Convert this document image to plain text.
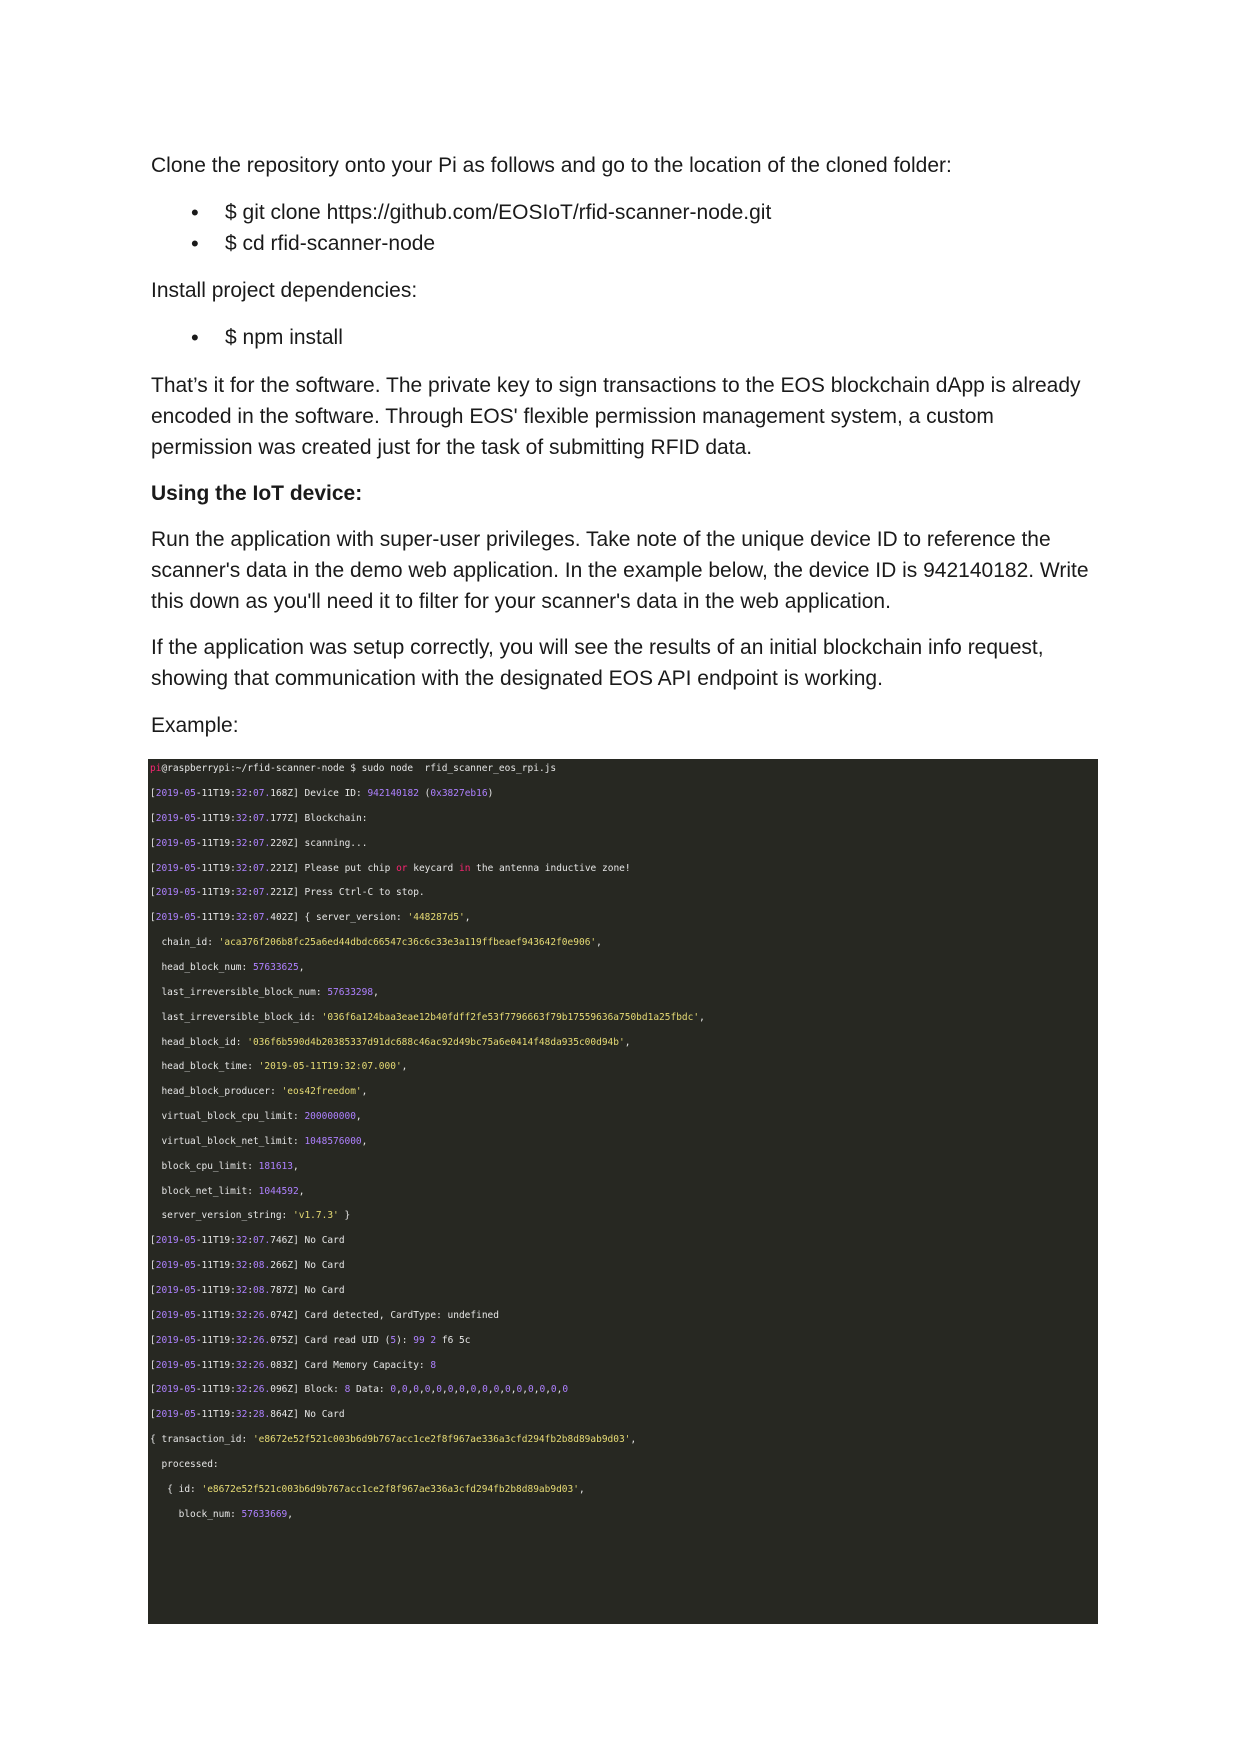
Clone the repository onto your Pi as follows and go to the location of the cloned folder:

• $ git clone https://github.com/EOSIoT/rfid-scanner-node.git
• $ cd rfid-scanner-node

Install project dependencies:

• $ npm install

That’s it for the software. The private key to sign transactions to the EOS blockchain dApp is already encoded in the software. Through EOS' flexible permission management system, a custom permission was created just for the task of submitting RFID data.

Using the IoT device:

Run the application with super-user privileges. Take note of the unique device ID to reference the scanner's data in the demo web application. In the example below, the device ID is 942140182. Write this down as you'll need it to filter for your scanner's data in the web application.

If the application was setup correctly, you will see the results of an initial blockchain info request, showing that communication with the designated EOS API endpoint is working.

Example:

pi@raspberrypi:~/rfid-scanner-node $ sudo node  rfid_scanner_eos_rpi.js
[2019-05-11T19:32:07.168Z] Device ID: 942140182 (0x3827eb16)
[2019-05-11T19:32:07.177Z] Blockchain:
[2019-05-11T19:32:07.220Z] scanning...
[2019-05-11T19:32:07.221Z] Please put chip or keycard in the antenna inductive zone!
[2019-05-11T19:32:07.221Z] Press Ctrl-C to stop.
[2019-05-11T19:32:07.402Z] { server_version: '448287d5',
chain_id: 'aca376f206b8fc25a6ed44dbdc66547c36c6c33e3a119ffbeaef943642f0e906',
head_block_num: 57633625,
last_irreversible_block_num: 57633298,
last_irreversible_block_id: '036f6a124baa3eae12b40fdff2fe53f7796663f79b17559636a750bd1a25fbdc',
head_block_id: '036f6b590d4b20385337d91dc688c46ac92d49bc75a6e0414f48da935c00d94b',
head_block_time: '2019-05-11T19:32:07.000',
head_block_producer: 'eos42freedom',
virtual_block_cpu_limit: 200000000,
virtual_block_net_limit: 1048576000,
block_cpu_limit: 181613,
block_net_limit: 1044592,
server_version_string: 'v1.7.3' }
[2019-05-11T19:32:07.746Z] No Card
[2019-05-11T19:32:08.266Z] No Card
[2019-05-11T19:32:08.787Z] No Card
[2019-05-11T19:32:26.074Z] Card detected, CardType: undefined
[2019-05-11T19:32:26.075Z] Card read UID (5): 99 2 f6 5c
[2019-05-11T19:32:26.083Z] Card Memory Capacity: 8
[2019-05-11T19:32:26.096Z] Block: 8 Data: 0,0,0,0,0,0,0,0,0,0,0,0,0,0,0,0
[2019-05-11T19:32:28.864Z] No Card
{ transaction_id: 'e8672e52f521c003b6d9b767acc1ce2f8f967ae336a3cfd294fb2b8d89ab9d03',
processed:
{ id: 'e8672e52f521c003b6d9b767acc1ce2f8f967ae336a3cfd294fb2b8d89ab9d03',
block_num: 57633669,
